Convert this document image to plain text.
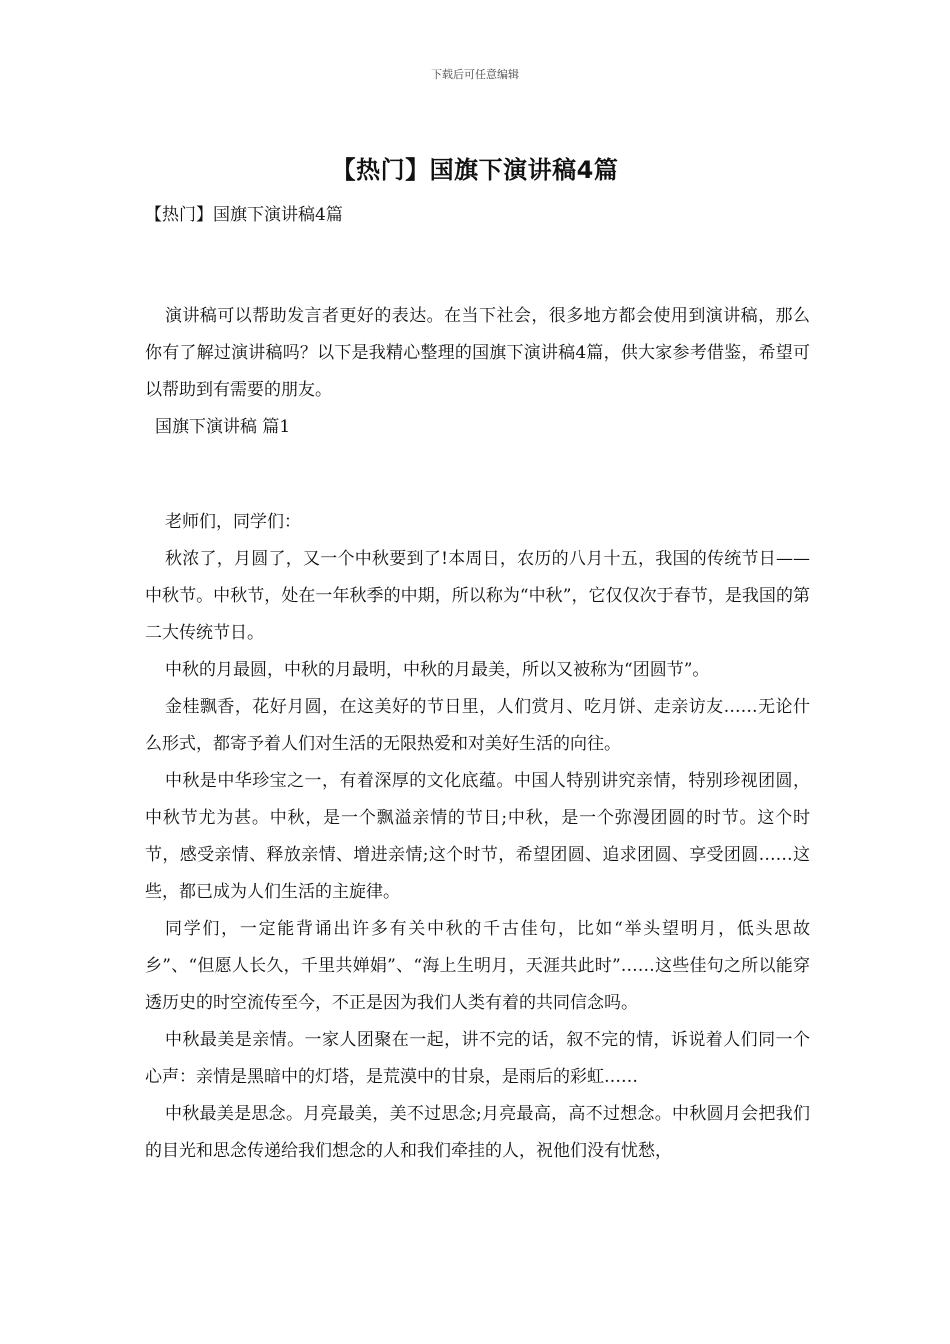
下载后可任意编辑
【热门】国旗下演讲稿4篇
【热门】国旗下演讲稿4篇

演讲稿可以帮助发言者更好的表达。在当下社会，很多地方都会使用到演讲稿，那么你有了解过演讲稿吗？以下是我精心整理的国旗下演讲稿4篇，供大家参考借鉴，希望可以帮助到有需要的朋友。

国旗下演讲稿 篇1

老师们，同学们：

秋浓了，月圆了，又一个中秋要到了!本周日，农历的八月十五，我国的传统节日——中秋节。中秋节，处在一年秋季的中期，所以称为“中秋”，它仅仅次于春节，是我国的第二大传统节日。

中秋的月最圆，中秋的月最明，中秋的月最美，所以又被称为“团圆节”。

金桂飘香，花好月圆，在这美好的节日里，人们赏月、吃月饼、走亲访友……无论什么形式，都寄予着人们对生活的无限热爱和对美好生活的向往。

中秋是中华珍宝之一，有着深厚的文化底蕴。中国人特别讲究亲情，特别珍视团圆，中秋节尤为甚。中秋，是一个飘溢亲情的节日;中秋，是一个弥漫团圆的时节。这个时节，感受亲情、释放亲情、增进亲情;这个时节，希望团圆、追求团圆、享受团圆……这些，都已成为人们生活的主旋律。

同学们，一定能背诵出许多有关中秋的千古佳句，比如“举头望明月，低头思故乡”、“但愿人长久，千里共婵娟”、“海上生明月，天涯共此时”……这些佳句之所以能穿透历史的时空流传至今，不正是因为我们人类有着的共同信念吗。

中秋最美是亲情。一家人团聚在一起，讲不完的话，叙不完的情，诉说着人们同一个心声：亲情是黑暗中的灯塔，是荒漠中的甘泉，是雨后的彩虹……

中秋最美是思念。月亮最美，美不过思念;月亮最高，高不过想念。中秋圆月会把我们的目光和思念传递给我们想念的人和我们牵挂的人，祝他们没有忧愁，
